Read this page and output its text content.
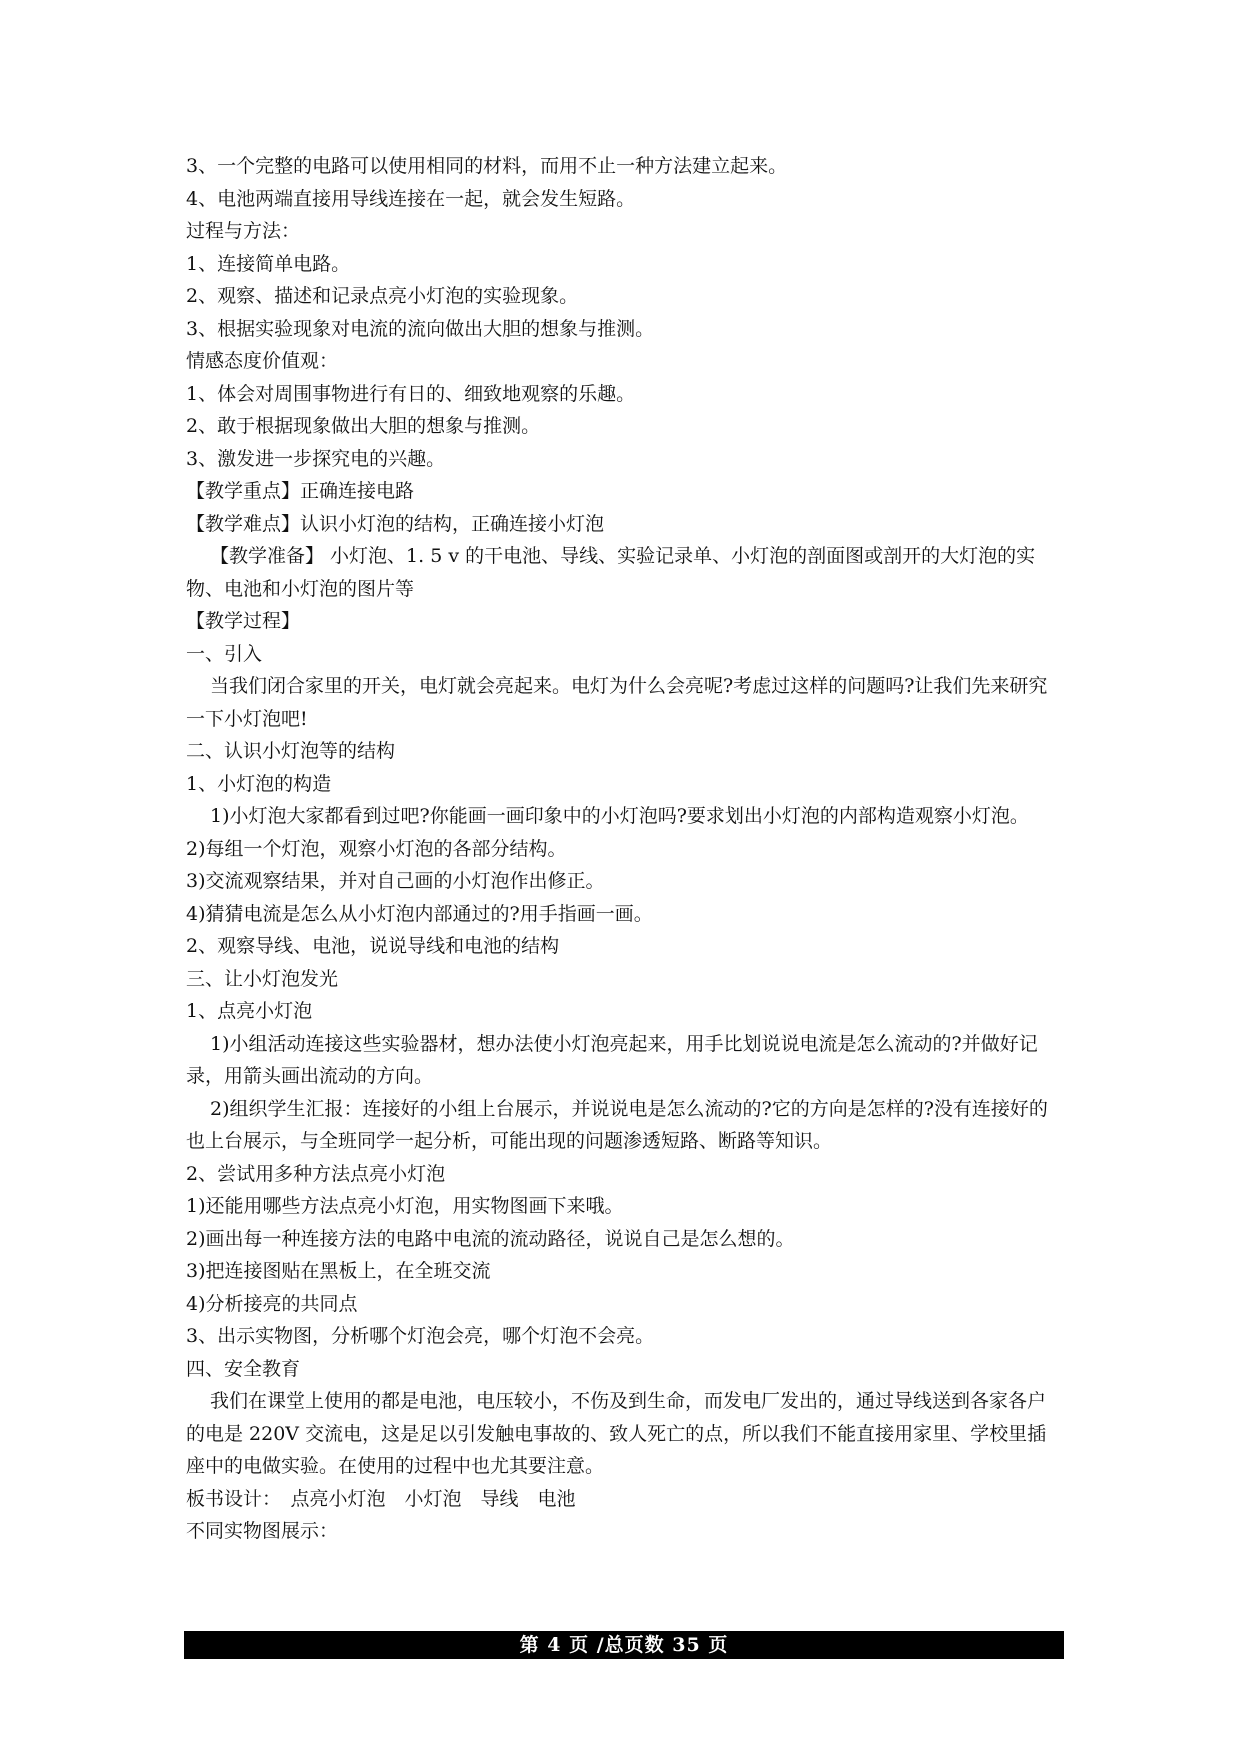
3、一个完整的电路可以使用相同的材料，而用不止一种方法建立起来。
4、电池两端直接用导线连接在一起，就会发生短路。
过程与方法：
1、连接简单电路。
2、观察、描述和记录点亮小灯泡的实验现象。
3、根据实验现象对电流的流向做出大胆的想象与推测。
情感态度价值观：
1、体会对周围事物进行有日的、细致地观察的乐趣。
2、敢于根据现象做出大胆的想象与推测。
3、激发进一步探究电的兴趣。
【教学重点】正确连接电路
【教学难点】认识小灯泡的结构，正确连接小灯泡
【教学准备】 小灯泡、1. 5 v 的干电池、导线、实验记录单、小灯泡的剖面图或剖开的大灯泡的实物、电池和小灯泡的图片等
【教学过程】
一、引入
当我们闭合家里的开关，电灯就会亮起来。电灯为什么会亮呢?考虑过这样的问题吗?让我们先来研究一下小灯泡吧!
二、认识小灯泡等的结构
1、小灯泡的构造
1)小灯泡大家都看到过吧?你能画一画印象中的小灯泡吗?要求划出小灯泡的内部构造观察小灯泡。
2)每组一个灯泡，观察小灯泡的各部分结构。
3)交流观察结果，并对自己画的小灯泡作出修正。
4)猜猜电流是怎么从小灯泡内部通过的?用手指画一画。
2、观察导线、电池，说说导线和电池的结构
三、让小灯泡发光
1、点亮小灯泡
1)小组活动连接这些实验器材，想办法使小灯泡亮起来，用手比划说说电流是怎么流动的?并做好记录，用箭头画出流动的方向。
2)组织学生汇报：连接好的小组上台展示，并说说电是怎么流动的?它的方向是怎样的?没有连接好的也上台展示，与全班同学一起分析，可能出现的问题渗透短路、断路等知识。
2、尝试用多种方法点亮小灯泡
1)还能用哪些方法点亮小灯泡，用实物图画下来哦。
2)画出每一种连接方法的电路中电流的流动路径，说说自己是怎么想的。
3)把连接图贴在黑板上，在全班交流
4)分析接亮的共同点
3、出示实物图，分析哪个灯泡会亮，哪个灯泡不会亮。
四、安全教育
我们在课堂上使用的都是电池，电压较小，不伤及到生命，而发电厂发出的，通过导线送到各家各户的电是 220V 交流电，这是足以引发触电事故的、致人死亡的点，所以我们不能直接用家里、学校里插座中的电做实验。在使用的过程中也尤其要注意。
板书设计：　点亮小灯泡　小灯泡　导线　电池
不同实物图展示：
第 4 页 /总页数 35 页
